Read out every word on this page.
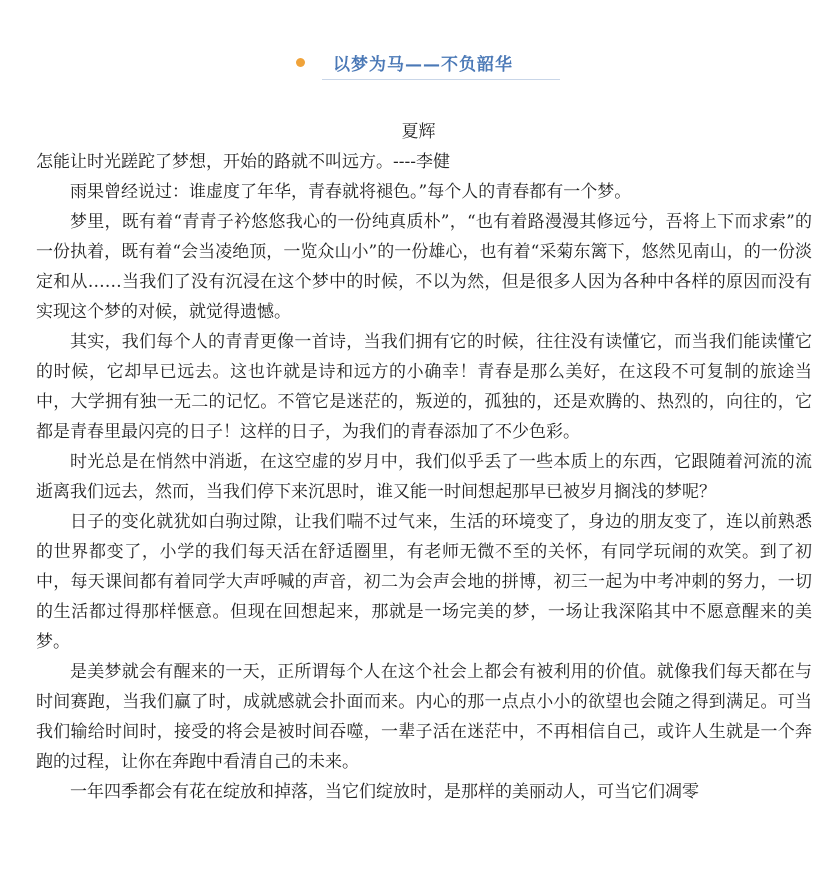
以梦为马——不负韶华
夏辉

怎能让时光蹉跎了梦想，开始的路就不叫远方。----李健

雨果曾经说过：谁虚度了年华，青春就将褪色。”每个人的青春都有一个梦。

梦里，既有着“青青子衿悠悠我心的一份纯真质朴”，“也有着路漫漫其修远兮，吾将上下而求索”的一份执着，既有着“会当凌绝顶，一览众山小”的一份雄心，也有着“采菊东篱下，悠然见南山，的一份淡定和从……当我们了没有沉浸在这个梦中的时候，不以为然，但是很多人因为各种中各样的原因而没有实现这个梦的对候，就觉得遗憾。

其实，我们每个人的青青更像一首诗，当我们拥有它的时候，往往没有读懂它，而当我们能读懂它的时候，它却早已远去。这也许就是诗和远方的小确幸！青春是那么美好，在这段不可复制的旅途当中，大学拥有独一无二的记忆。不管它是迷茫的，叛逆的，孤独的，还是欢腾的、热烈的，向往的，它都是青春里最闪亮的日子！这样的日子，为我们的青春添加了不少色彩。

时光总是在悄然中消逝，在这空虚的岁月中，我们似乎丢了一些本质上的东西，它跟随着河流的流逝离我们远去，然而，当我们停下来沉思时，谁又能一时间想起那早已被岁月搁浅的梦呢？

日子的变化就犹如白驹过隙，让我们喘不过气来，生活的环境变了，身边的朋友变了，连以前熟悉的世界都变了，小学的我们每天活在舒适圈里，有老师无微不至的关怀，有同学玩闹的欢笑。到了初中，每天课间都有着同学大声呼喊的声音，初二为会声会地的拼博，初三一起为中考冲刺的努力，一切的生活都过得那样惬意。但现在回想起来，那就是一场完美的梦，一场让我深陷其中不愿意醒来的美梦。

是美梦就会有醒来的一天，正所谓每个人在这个社会上都会有被利用的价值。就像我们每天都在与时间赛跑，当我们赢了时，成就感就会扑面而来。内心的那一点点小小的欲望也会随之得到满足。可当我们输给时间时，接受的将会是被时间吞噬，一辈子活在迷茫中，不再相信自己，或许人生就是一个奔跑的过程，让你在奔跑中看清自己的未来。

一年四季都会有花在绽放和掉落，当它们绽放时，是那样的美丽动人，可当它们凋零
